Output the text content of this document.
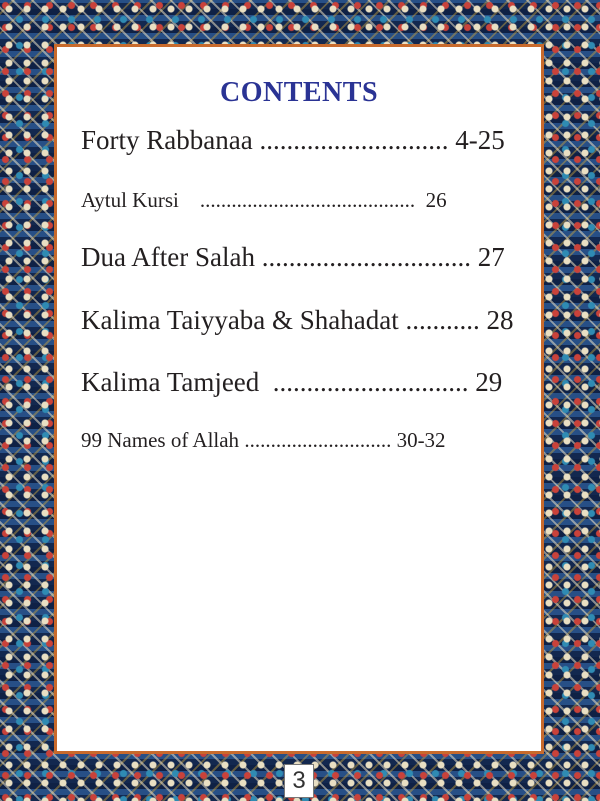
CONTENTS
Forty Rabbanaa ............................ 4-25
Aytul Kursi    .........................................  26
Dua After Salah ............................... 27
Kalima Taiyyaba & Shahadat ........... 28
Kalima Tamjeed  ............................. 29
99 Names of Allah ............................ 30-32
3
